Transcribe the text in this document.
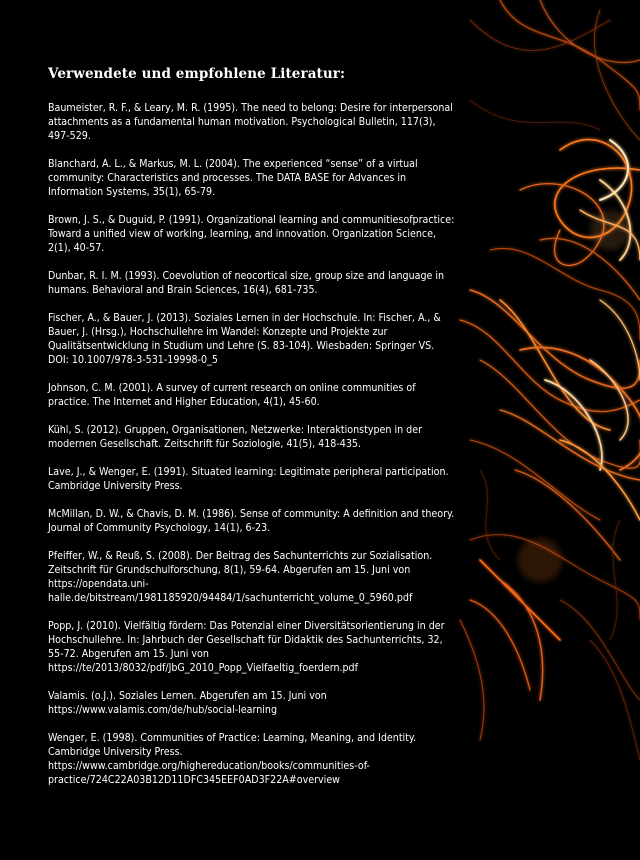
Verwendete und empfohlene Literatur:

Baumeister, R. F., & Leary, M. R. (1995). The need to belong: Desire for interpersonal attachments as a fundamental human motivation. Psychological Bulletin, 117(3), 497-529.

Blanchard, A. L., & Markus, M. L. (2004). The experienced “sense” of a virtual community: Characteristics and processes. The DATA BASE for Advances in Information Systems, 35(1), 65-79.

Brown, J. S., & Duguid, P. (1991). Organizational learning and communitiesofpractice: Toward a unified view of working, learning, and innovation. Organization Science, 2(1), 40-57.

Dunbar, R. I. M. (1993). Coevolution of neocortical size, group size and language in humans. Behavioral and Brain Sciences, 16(4), 681-735.

Fischer, A., & Bauer, J. (2013). Soziales Lernen in der Hochschule. In: Fischer, A., & Bauer, J. (Hrsg.), Hochschullehre im Wandel: Konzepte und Projekte zur Qualitätsentwicklung in Studium und Lehre (S. 83-104). Wiesbaden: Springer VS. DOI: 10.1007/978-3-531-19998-0_5

Johnson, C. M. (2001). A survey of current research on online communities of practice. The Internet and Higher Education, 4(1), 45-60.

Kühl, S. (2012). Gruppen, Organisationen, Netzwerke: Interaktionstypen in der modernen Gesellschaft. Zeitschrift für Soziologie, 41(5), 418-435.

Lave, J., & Wenger, E. (1991). Situated learning: Legitimate peripheral participation. Cambridge University Press.

McMillan, D. W., & Chavis, D. M. (1986). Sense of community: A definition and theory. Journal of Community Psychology, 14(1), 6-23.

Pfeiffer, W., & Reuß, S. (2008). Der Beitrag des Sachunterrichts zur Sozialisation. Zeitschrift für Grundschulforschung, 8(1), 59-64. Abgerufen am 15. Juni von https://opendata.uni-halle.de/bitstream/1981185920/94484/1/sachunterricht_volume_0_5960.pdf

Popp, J. (2010). Vielfältig fördern: Das Potenzial einer Diversitätsorientierung in der Hochschullehre. In: Jahrbuch der Gesellschaft für Didaktik des Sachunterrichts, 32, 55-72. Abgerufen am 15. Juni von https://te/2013/8032/pdf/JbG_2010_Popp_Vielfaeltig_foerdern.pdf

Valamis. (o.J.). Soziales Lernen. Abgerufen am 15. Juni von https://www.valamis.com/de/hub/social-learning

Wenger, E. (1998). Communities of Practice: Learning, Meaning, and Identity. Cambridge University Press. https://www.cambridge.org/highereducation/books/communities-of-practice/724C22A03B12D11DFC345EEF0AD3F22A#overview
